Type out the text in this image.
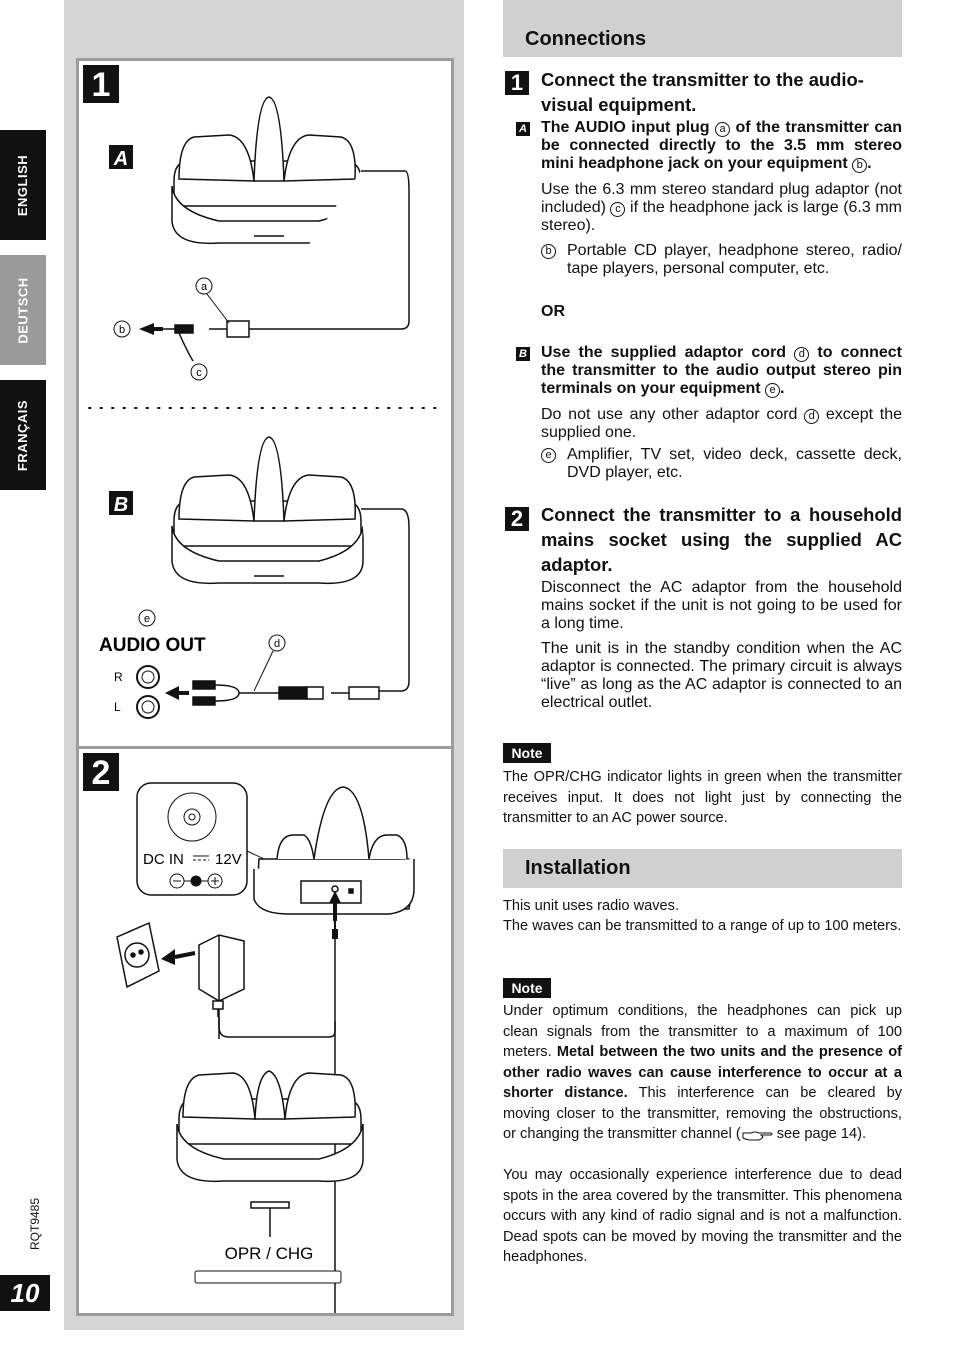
ENGLISH
DEUTSCH
FRANÇAIS
RQT9485
10
1
A
a
b
c
B
e
AUDIO OUT	d
R
L
2
DC IN 12V
OPR / CHG
Connections
1 Connect the transmitter to the audio-visual equipment.
A The AUDIO input plug a of the transmitter can be connected directly to the 3.5 mm stereo mini headphone jack on your equipment b .
Use the 6.3 mm stereo standard plug adaptor (not included) c if the headphone jack is large (6.3 mm stereo).
b Portable CD player, headphone stereo, radio/ tape players, personal computer, etc.
OR
B Use the supplied adaptor cord d to connect the transmitter to the audio output stereo pin terminals on your equipment e .
Do not use any other adaptor cord d except the supplied one.
e Amplifier, TV set, video deck, cassette deck, DVD player, etc.
2 Connect the transmitter to a household mains socket using the supplied AC adaptor.
Disconnect the AC adaptor from the household mains socket if the unit is not going to be used for a long time.
The unit is in the standby condition when the AC adaptor is connected. The primary circuit is always “live” as long as the AC adaptor is connected to an electrical outlet.
Note
The OPR/CHG indicator lights in green when the transmitter receives input. It does not light just by connecting the transmitter to an AC power source.
Installation
This unit uses radio waves.
The waves can be transmitted to a range of up to 100 meters.
Note
Under optimum conditions, the headphones can pick up clean signals from the transmitter to a maximum of 100 meters. Metal between the two units and the presence of other radio waves can cause interference to occur at a shorter distance. This interference can be cleared by moving closer to the transmitter, removing the obstructions, or changing the transmitter channel ( see page 14).
You may occasionally experience interference due to dead spots in the area covered by the transmitter. This phenomena occurs with any kind of radio signal and is not a malfunction. Dead spots can be moved by moving the transmitter and the headphones.
